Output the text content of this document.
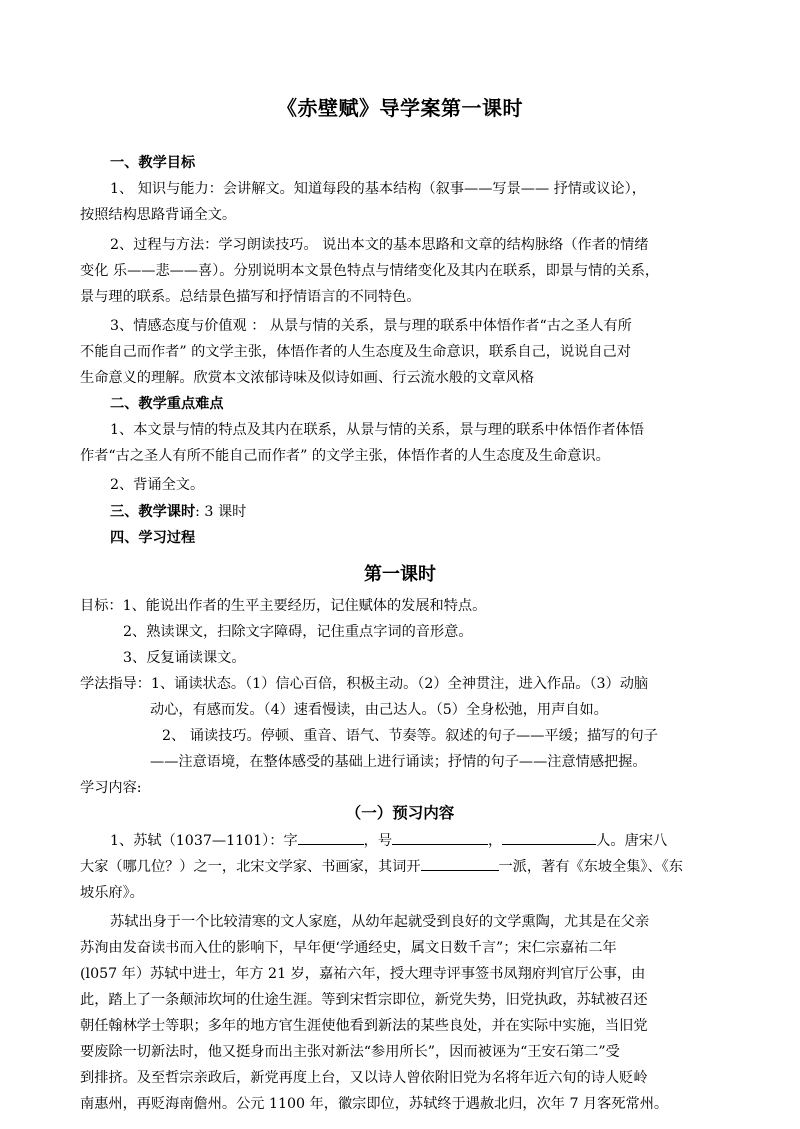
《赤壁赋》导学案第一课时
一、教学目标
1、 知识与能力：会讲解文。知道每段的基本结构（叙事——写景—— 抒情或议论），
按照结构思路背诵全文。
2、过程与方法：学习朗读技巧。 说出本文的基本思路和文章的结构脉络（作者的情绪
变化 乐——悲——喜）。分别说明本文景色特点与情绪变化及其内在联系，即景与情的关系，
景与理的联系。总结景色描写和抒情语言的不同特色。
3、情感态度与价值观 ： 从景与情的关系，景与理的联系中体悟作者“古之圣人有所
不能自己而作者” 的文学主张，体悟作者的人生态度及生命意识，联系自己，说说自己对
生命意义的理解。欣赏本文浓郁诗味及似诗如画、行云流水般的文章风格
二、教学重点难点
1、本文景与情的特点及其内在联系，从景与情的关系，景与理的联系中体悟作者体悟
作者“古之圣人有所不能自己而作者” 的文学主张，体悟作者的人生态度及生命意识。
2、背诵全文。
三、教学课时: 3 课时
四、学习过程
第一课时
目标：1、能说出作者的生平主要经历，记住赋体的发展和特点。
2、熟读课文，扫除文字障碍，记住重点字词的音形意。
3、反复诵读课文。
学法指导：1、诵读状态。（1）信心百倍，积极主动。（2）全神贯注，进入作品。（3）动脑
动心，有感而发。（4）速看慢读，由己达人。（5）全身松弛，用声自如。
2、 诵读技巧。停顿、重音、语气、节奏等。叙述的句子——平缓；描写的句子
——注意语境，在整体感受的基础上进行诵读；抒情的句子——注意情感把握。
学习内容:
（一）预习内容
1、苏轼（1037—1101）：字	，号	，	人。唐宋八
大家（哪几位？）之一，北宋文学家、书画家，其词开	一派，著有《东坡全集》、《东
坡乐府》。
苏轼出身于一个比较清寒的文人家庭，从幼年起就受到良好的文学熏陶，尤其是在父亲
苏洵由发奋读书而入仕的影响下，早年便‘学通经史，属文日数千言”；宋仁宗嘉祐二年
(l057 年）苏轼中进士，年方 21 岁，嘉祐六年，授大理寺评事签书凤翔府判官厅公事，由
此，踏上了一条颠沛坎坷的仕途生涯。等到宋哲宗即位，新党失势，旧党执政，苏轼被召还
朝任翰林学士等职；多年的地方官生涯使他看到新法的某些良处，并在实际中实施，当旧党
要废除一切新法时，他又挺身而出主张对新法“参用所长”，因而被诬为“王安石第二”受
到排挤。及至哲宗亲政后，新党再度上台，又以诗人曾依附旧党为名将年近六旬的诗人贬岭
南惠州，再贬海南儋州。公元 1100 年，徽宗即位，苏轼终于遇赦北归，次年 7 月客死常州。
